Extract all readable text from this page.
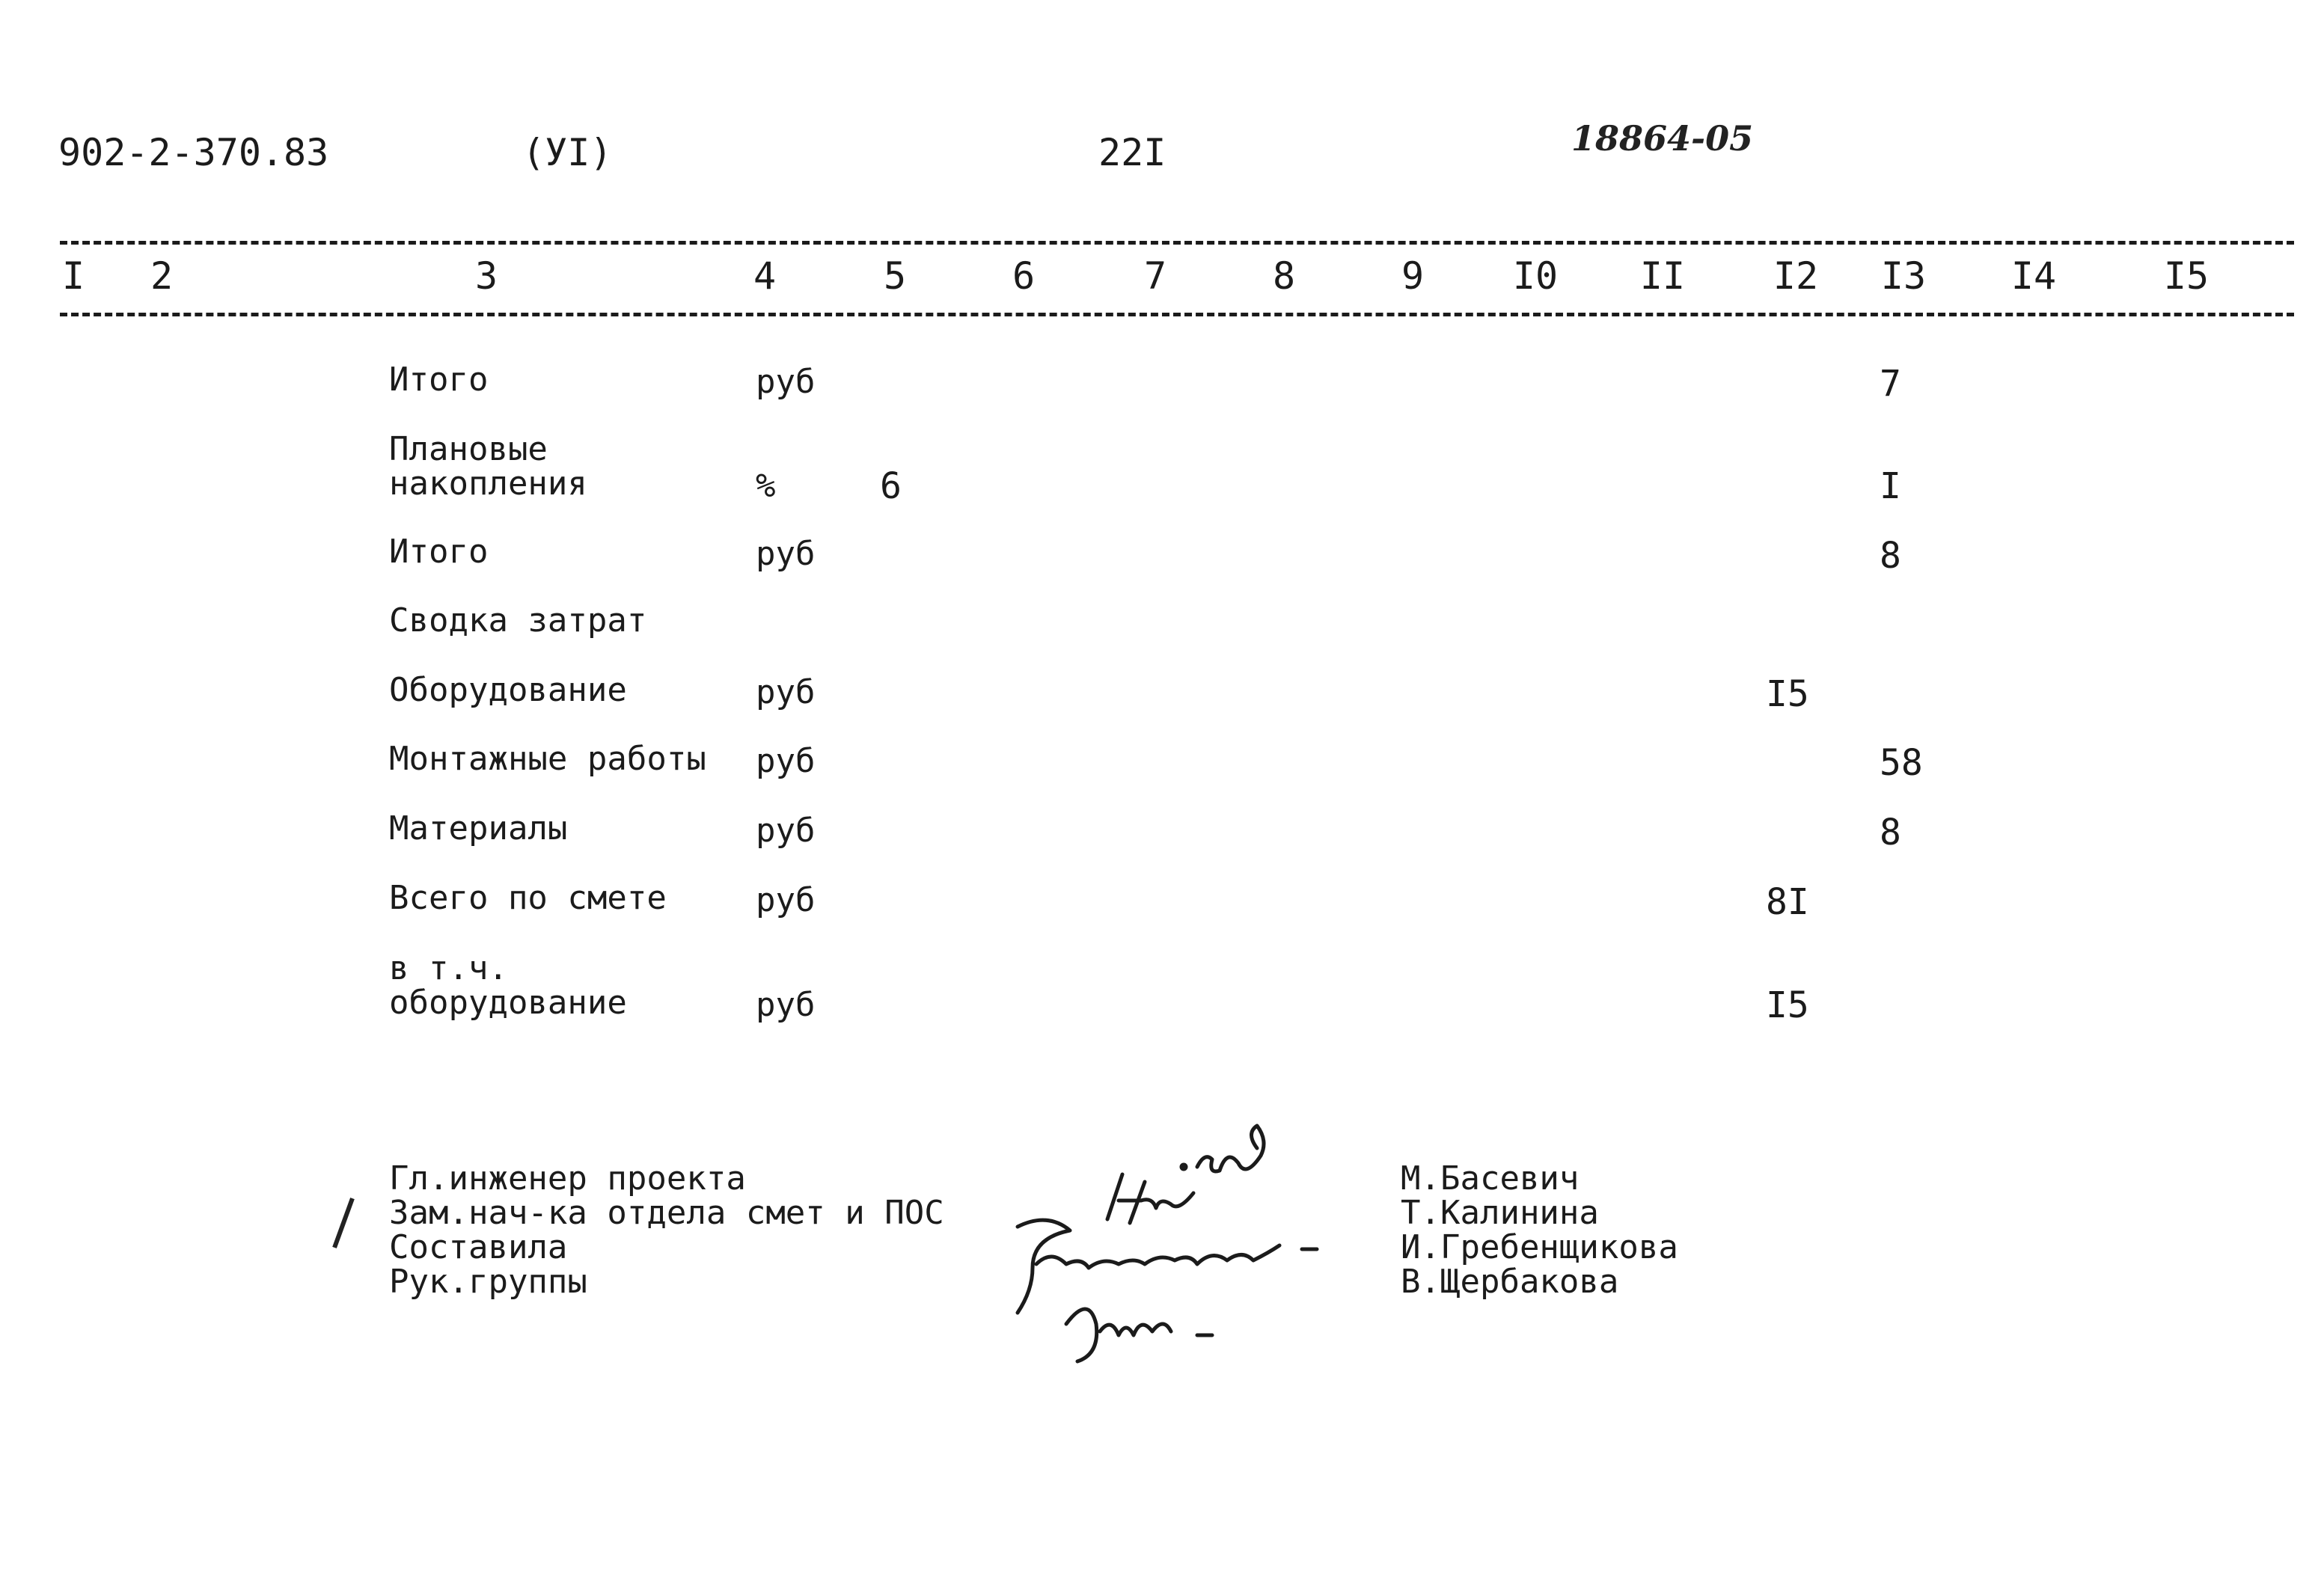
902-2-370.83	(УI)	22I	18864-05
I 2	3	4	5	6	7	8	9 I0 II I2 I3 I4	I5
Итого	руб	7
Плановые
накопления	%	6	I
Итого	руб	8
Сводка затрат
Оборудование	руб	I5
Монтажные работы руб	58
Материалы	руб	8
Всего по смете	руб	8I
в т.ч.
оборудование	руб	I5
Гл.инженер проекта
Зам.нач-ка отдела смет и ПОС
Составила
Рук.группы
М.Басевич
Т.Калинина
И.Гребенщикова
В.Щербакова
